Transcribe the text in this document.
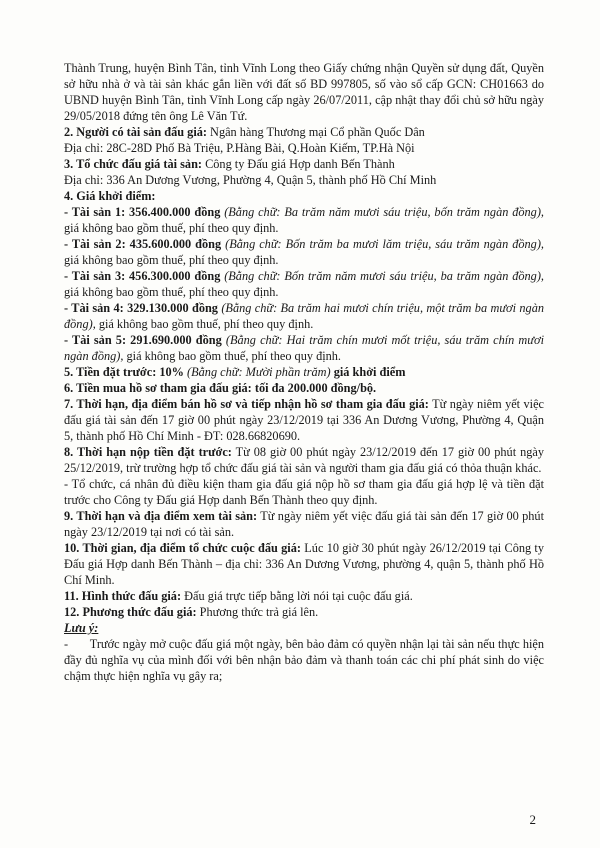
Thành Trung, huyện Bình Tân, tỉnh Vĩnh Long theo Giấy chứng nhận Quyền sử dụng đất, Quyền sở hữu nhà ở và tài sản khác gắn liền với đất số BD 997805, số vào sổ cấp GCN: CH01663 do UBND huyện Bình Tân, tỉnh Vĩnh Long cấp ngày 26/07/2011, cập nhật thay đổi chủ sở hữu ngày 29/05/2018 đứng tên ông Lê Văn Tứ.

2. Người có tài sản đấu giá: Ngân hàng Thương mại Cổ phần Quốc Dân

Địa chỉ: 28C-28D Phố Bà Triệu, P.Hàng Bài, Q.Hoàn Kiếm, TP.Hà Nội

3. Tổ chức đấu giá tài sản: Công ty Đấu giá Hợp danh Bến Thành

Địa chỉ: 336 An Dương Vương, Phường 4, Quận 5, thành phố Hồ Chí Minh

4. Giá khởi điểm:

- Tài sản 1: 356.400.000 đồng (Bằng chữ: Ba trăm năm mươi sáu triệu, bốn trăm ngàn đồng), giá không bao gồm thuế, phí theo quy định.

- Tài sản 2: 435.600.000 đồng (Bằng chữ: Bốn trăm ba mươi lăm triệu, sáu trăm ngàn đồng), giá không bao gồm thuế, phí theo quy định.

- Tài sản 3: 456.300.000 đồng (Bằng chữ: Bốn trăm năm mươi sáu triệu, ba trăm ngàn đồng), giá không bao gồm thuế, phí theo quy định.

- Tài sản 4: 329.130.000 đồng (Bằng chữ: Ba trăm hai mươi chín triệu, một trăm ba mươi ngàn đồng), giá không bao gồm thuế, phí theo quy định.

- Tài sản 5: 291.690.000 đồng (Bằng chữ: Hai trăm chín mươi mốt triệu, sáu trăm chín mươi ngàn đồng), giá không bao gồm thuế, phí theo quy định.

5. Tiền đặt trước: 10% (Bằng chữ: Mười phần trăm) giá khởi điểm

6. Tiền mua hồ sơ tham gia đấu giá: tối đa 200.000 đồng/bộ.

7. Thời hạn, địa điểm bán hồ sơ và tiếp nhận hồ sơ tham gia đấu giá: Từ ngày niêm yết việc đấu giá tài sản đến 17 giờ 00 phút ngày 23/12/2019 tại 336 An Dương Vương, Phường 4, Quận 5, thành phố Hồ Chí Minh - ĐT: 028.66820690.

8. Thời hạn nộp tiền đặt trước: Từ 08 giờ 00 phút ngày 23/12/2019 đến 17 giờ 00 phút ngày 25/12/2019, trừ trường hợp tổ chức đấu giá tài sản và người tham gia đấu giá có thỏa thuận khác.

- Tổ chức, cá nhân đủ điều kiện tham gia đấu giá nộp hồ sơ tham gia đấu giá hợp lệ và tiền đặt trước cho Công ty Đấu giá Hợp danh Bến Thành theo quy định.

9. Thời hạn và địa điểm xem tài sản: Từ ngày niêm yết việc đấu giá tài sản đến 17 giờ 00 phút ngày 23/12/2019 tại nơi có tài sản.

10. Thời gian, địa điểm tổ chức cuộc đấu giá: Lúc 10 giờ 30 phút ngày 26/12/2019 tại Công ty Đấu giá Hợp danh Bến Thành – địa chỉ: 336 An Dương Vương, phường 4, quận 5, thành phố Hồ Chí Minh.

11. Hình thức đấu giá: Đấu giá trực tiếp bằng lời nói tại cuộc đấu giá.

12. Phương thức đấu giá: Phương thức trả giá lên.

Lưu ý:

-       Trước ngày mở cuộc đấu giá một ngày, bên bảo đảm có quyền nhận lại tài sản nếu thực hiện đầy đủ nghĩa vụ của mình đối với bên nhận bảo đảm và thanh toán các chi phí phát sinh do việc chậm thực hiện nghĩa vụ gây ra;

2
